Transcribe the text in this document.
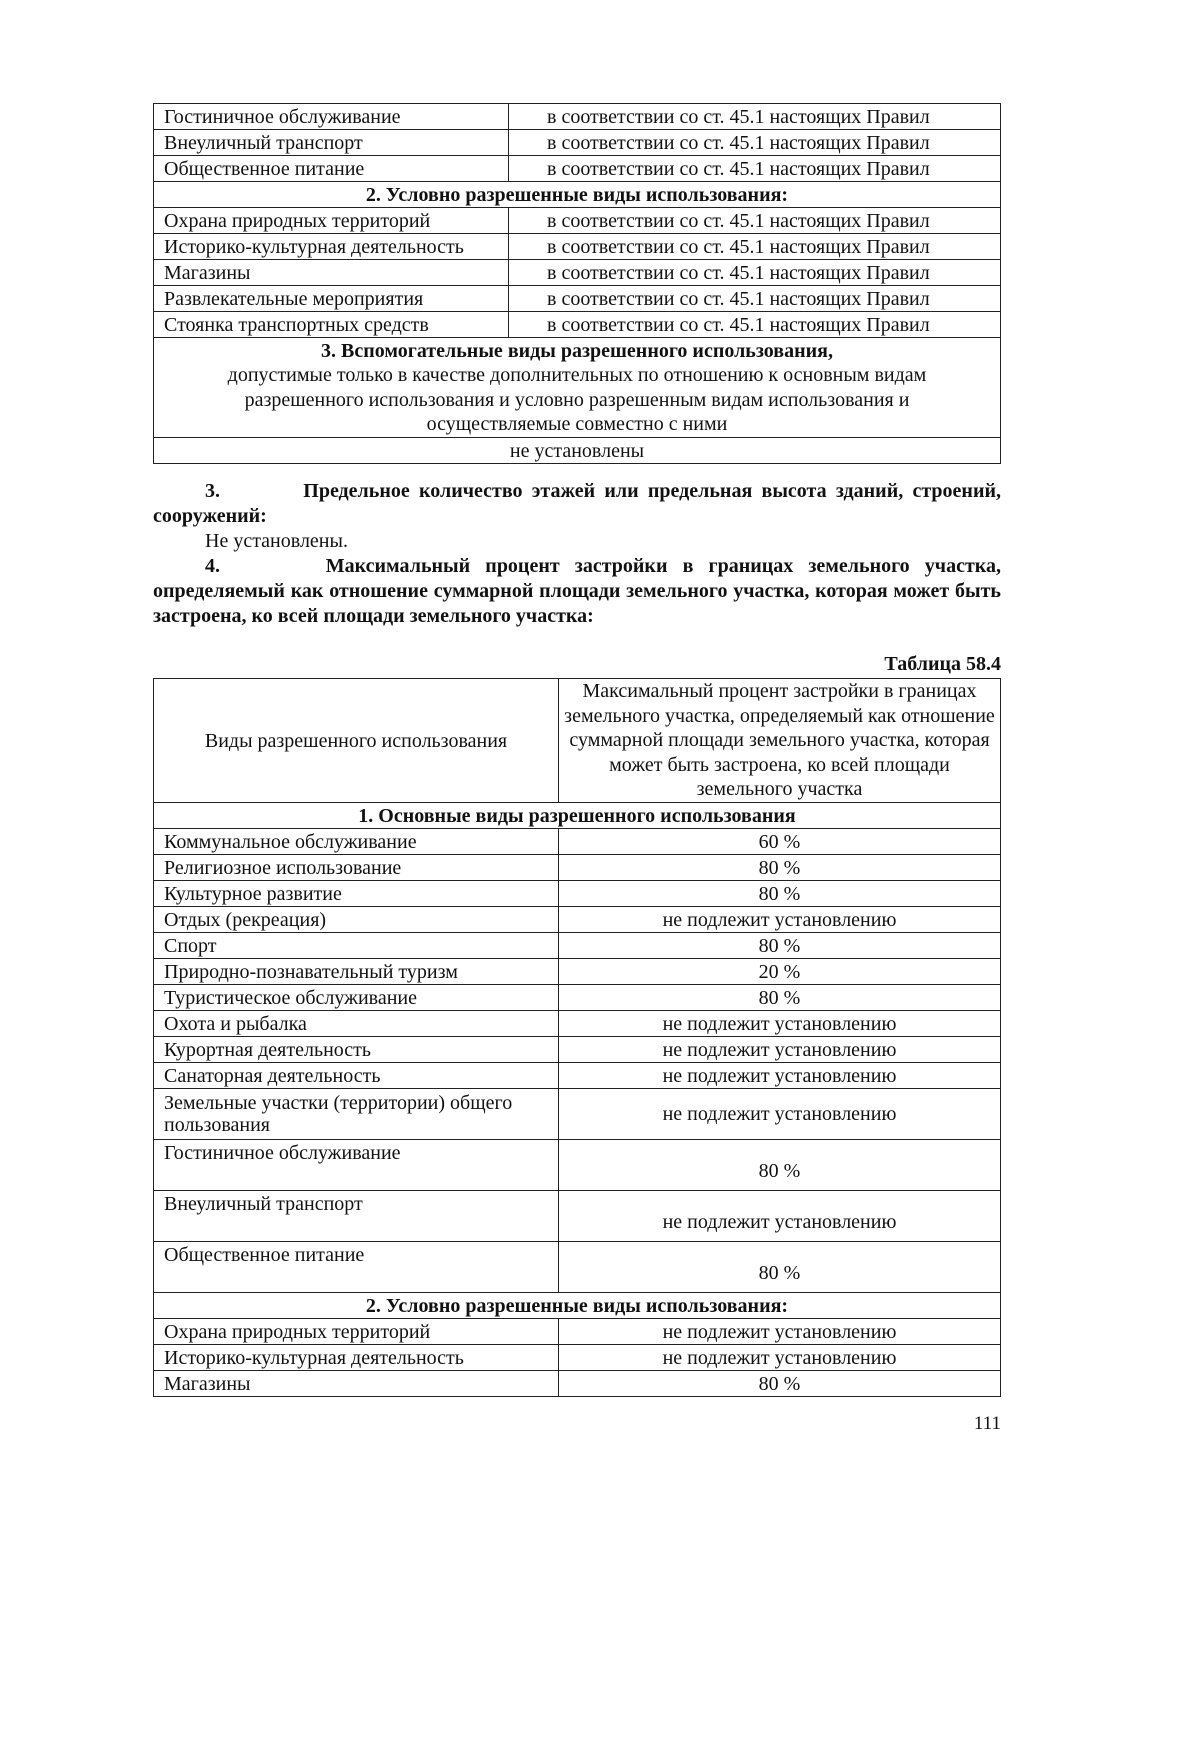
Гостиничное обслуживание	в соответствии со ст. 45.1 настоящих Правил
Внеуличный транспорт	в соответствии со ст. 45.1 настоящих Правил
Общественное питание	в соответствии со ст. 45.1 настоящих Правил
2. Условно разрешенные виды использования:	
Охрана природных территорий	в соответствии со ст. 45.1 настоящих Правил
Историко-культурная деятельность	в соответствии со ст. 45.1 настоящих Правил
Магазины	в соответствии со ст. 45.1 настоящих Правил
Развлекательные мероприятия	в соответствии со ст. 45.1 настоящих Правил
Стоянка транспортных средств	в соответствии со ст. 45.1 настоящих Правил

3. Вспомогательные виды разрешенного использования,
допустимые только в качестве дополнительных по отношению к основным видам разрешенного использования и условно разрешенным видам использования и осуществляемые совместно с ними	

не установлены	
3.         Предельное количество этажей или предельная высота зданий, строений, сооружений:
Не установлены.
4.       Максимальный процент застройки в границах земельного участка, определяемый как отношение суммарной площади земельного участка, которая может быть застроена, ко всей площади земельного участка:
Таблица 58.4
Виды разрешенного использования	Максимальный процент застройки в границах земельного участка, определяемый как отношение суммарной площади земельного участка, которая может быть застроена, ко всей площади земельного участка
1. Основные виды разрешенного использования	
Коммунальное обслуживание	60 %
Религиозное использование	80 %
Культурное развитие	80 %
Отдых (рекреация)	не подлежит установлению
Спорт	80 %
Природно-познавательный туризм	20 %
Туристическое обслуживание	80 %
Охота и рыбалка	не подлежит установлению
Курортная деятельность	не подлежит установлению
Санаторная деятельность	не подлежит установлению
Земельные участки (территории) общего пользования	не подлежит установлению
Гостиничное обслуживание	80 %
Внеуличный транспорт	не подлежит установлению
Общественное питание	80 %
2. Условно разрешенные виды использования:	
Охрана природных территорий	не подлежит установлению
Историко-культурная деятельность	не подлежит установлению
Магазины	80 %
111
